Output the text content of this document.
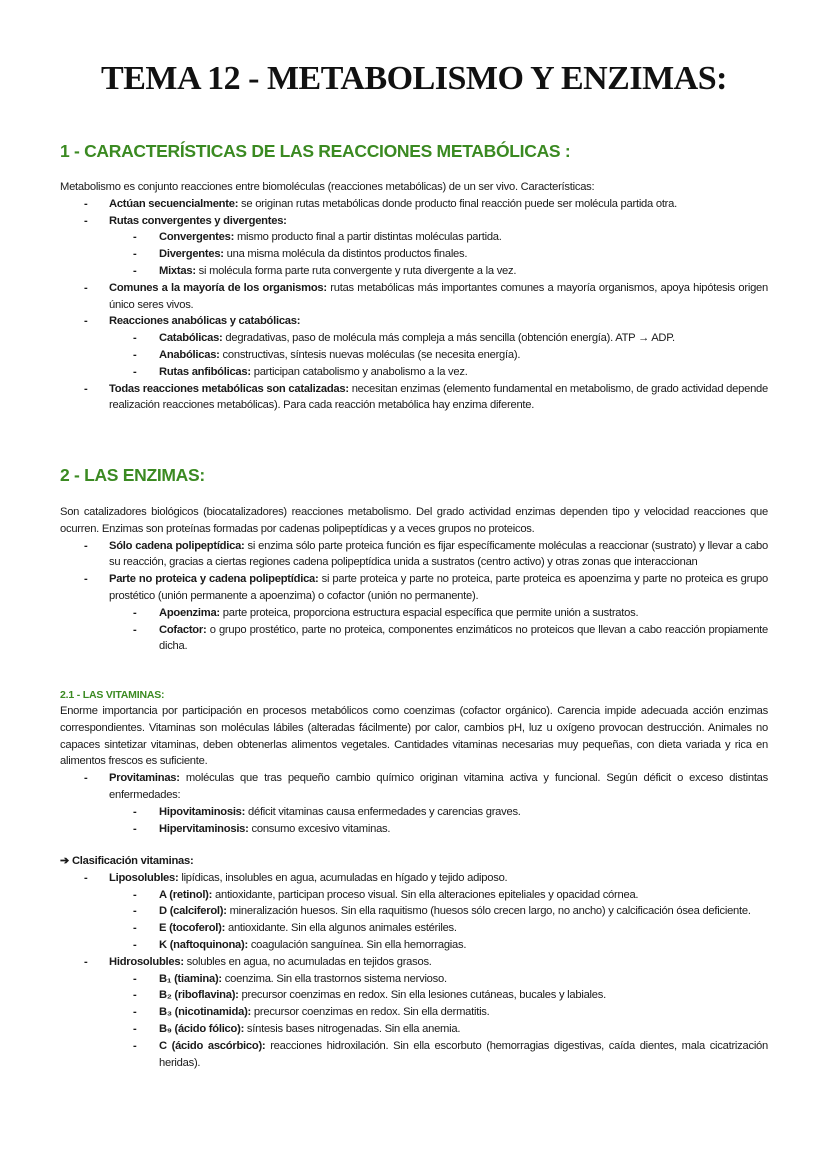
TEMA 12 - METABOLISMO Y ENZIMAS:
1 - CARACTERÍSTICAS DE LAS REACCIONES METABÓLICAS :

Metabolismo es conjunto reacciones entre biomoléculas (reacciones metabólicas) de un ser vivo. Características:

- Actúan secuencialmente: se originan rutas metabólicas donde producto final reacción puede ser molécula partida otra.
- Rutas convergentes y divergentes:
- Convergentes: mismo producto final a partir distintas moléculas partida.
- Divergentes: una misma molécula da distintos productos finales.
- Mixtas: si molécula forma parte ruta convergente y ruta divergente a la vez.
- Comunes a la mayoría de los organismos: rutas metabólicas más importantes comunes a mayoría organismos, apoya hipótesis origen único seres vivos.
- Reacciones anabólicas y catabólicas:
- Catabólicas: degradativas, paso de molécula más compleja a más sencilla (obtención energía). ATP → ADP.
- Anabólicas: constructivas, síntesis nuevas moléculas (se necesita energía).
- Rutas anfibólicas: participan catabolismo y anabolismo a la vez.
- Todas reacciones metabólicas son catalizadas: necesitan enzimas (elemento fundamental en metabolismo, de grado actividad depende realización reacciones metabólicas). Para cada reacción metabólica hay enzima diferente.
2 - LAS ENZIMAS:

Son catalizadores biológicos (biocatalizadores) reacciones metabolismo. Del grado actividad enzimas dependen tipo y velocidad reacciones que ocurren. Enzimas son proteínas formadas por cadenas polipeptídicas y a veces grupos no proteicos.

- Sólo cadena polipeptídica: si enzima sólo parte proteica función es fijar específicamente moléculas a reaccionar (sustrato) y llevar a cabo su reacción, gracias a ciertas regiones cadena polipeptídica unida a sustratos (centro activo) y otras zonas que interaccionan
- Parte no proteica y cadena polipeptídica: si parte proteica y parte no proteica, parte proteica es apoenzima y parte no proteica es grupo prostético (unión permanente a apoenzima) o cofactor (unión no permanente).
- Apoenzima: parte proteica, proporciona estructura espacial específica que permite unión a sustratos.
- Cofactor: o grupo prostético, parte no proteica, componentes enzimáticos no proteicos que llevan a cabo reacción propiamente dicha.
2.1 - LAS VITAMINAS:

Enorme importancia por participación en procesos metabólicos como coenzimas (cofactor orgánico). Carencia impide adecuada acción enzimas correspondientes. Vitaminas son moléculas lábiles (alteradas fácilmente) por calor, cambios pH, luz u oxígeno provocan destrucción. Animales no capaces sintetizar vitaminas, deben obtenerlas alimentos vegetales. Cantidades vitaminas necesarias muy pequeñas, con dieta variada y rica en alimentos frescos es suficiente.

- Provitaminas: moléculas que tras pequeño cambio químico originan vitamina activa y funcional. Según déficit o exceso distintas enfermedades:
- Hipovitaminosis: déficit vitaminas causa enfermedades y carencias graves.
- Hipervitaminosis: consumo excesivo vitaminas.

➔ Clasificación vitaminas:

- Liposolubles: lipídicas, insolubles en agua, acumuladas en hígado y tejido adiposo.
- A (retinol): antioxidante, participan proceso visual. Sin ella alteraciones epiteliales y opacidad córnea.
- D (calciferol): mineralización huesos. Sin ella raquitismo (huesos sólo crecen largo, no ancho) y calcificación ósea deficiente.
- E (tocoferol): antioxidante. Sin ella algunos animales estériles.
- K (naftoquinona): coagulación sanguínea. Sin ella hemorragias.
- Hidrosolubles: solubles en agua, no acumuladas en tejidos grasos.
- B₁ (tiamina): coenzima. Sin ella trastornos sistema nervioso.
- B₂ (riboflavina): precursor coenzimas en redox. Sin ella lesiones cutáneas, bucales y labiales.
- B₃ (nicotinamida): precursor coenzimas en redox. Sin ella dermatitis.
- B₉ (ácido fólico): síntesis bases nitrogenadas. Sin ella anemia.
- C (ácido ascórbico): reacciones hidroxilación. Sin ella escorbuto (hemorragias digestivas, caída dientes, mala cicatrización heridas).
